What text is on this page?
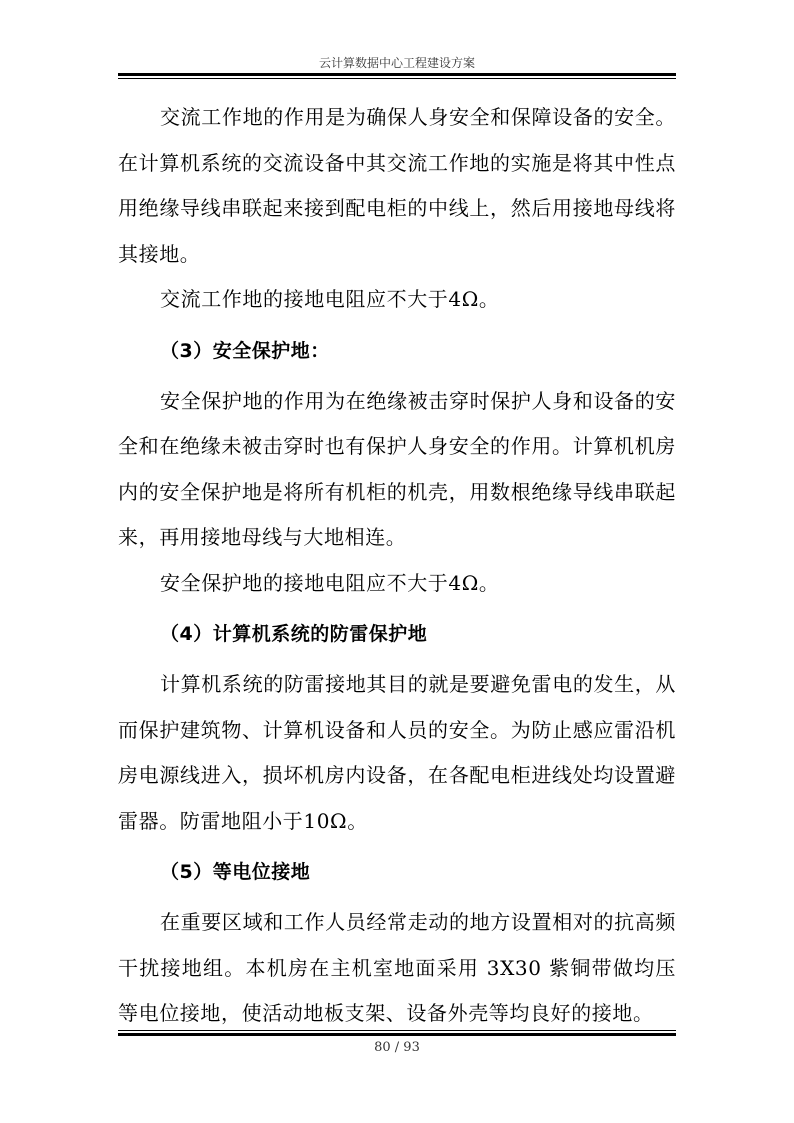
云计算数据中心工程建设方案

交流工作地的作用是为确保人身安全和保障设备的安全。在计算机系统的交流设备中其交流工作地的实施是将其中性点用绝缘导线串联起来接到配电柜的中线上，然后用接地母线将其接地。

交流工作地的接地电阻应不大于4Ω。

（3）安全保护地：

安全保护地的作用为在绝缘被击穿时保护人身和设备的安全和在绝缘未被击穿时也有保护人身安全的作用。计算机机房内的安全保护地是将所有机柜的机壳，用数根绝缘导线串联起来，再用接地母线与大地相连。

安全保护地的接地电阻应不大于4Ω。

（4）计算机系统的防雷保护地

计算机系统的防雷接地其目的就是要避免雷电的发生，从而保护建筑物、计算机设备和人员的安全。为防止感应雷沿机房电源线进入，损坏机房内设备，在各配电柜进线处均设置避雷器。防雷地阻小于10Ω。

（5）等电位接地

在重要区域和工作人员经常走动的地方设置相对的抗高频干扰接地组。本机房在主机室地面采用 3X30 紫铜带做均压等电位接地，使活动地板支架、设备外壳等均良好的接地。

80 / 93
